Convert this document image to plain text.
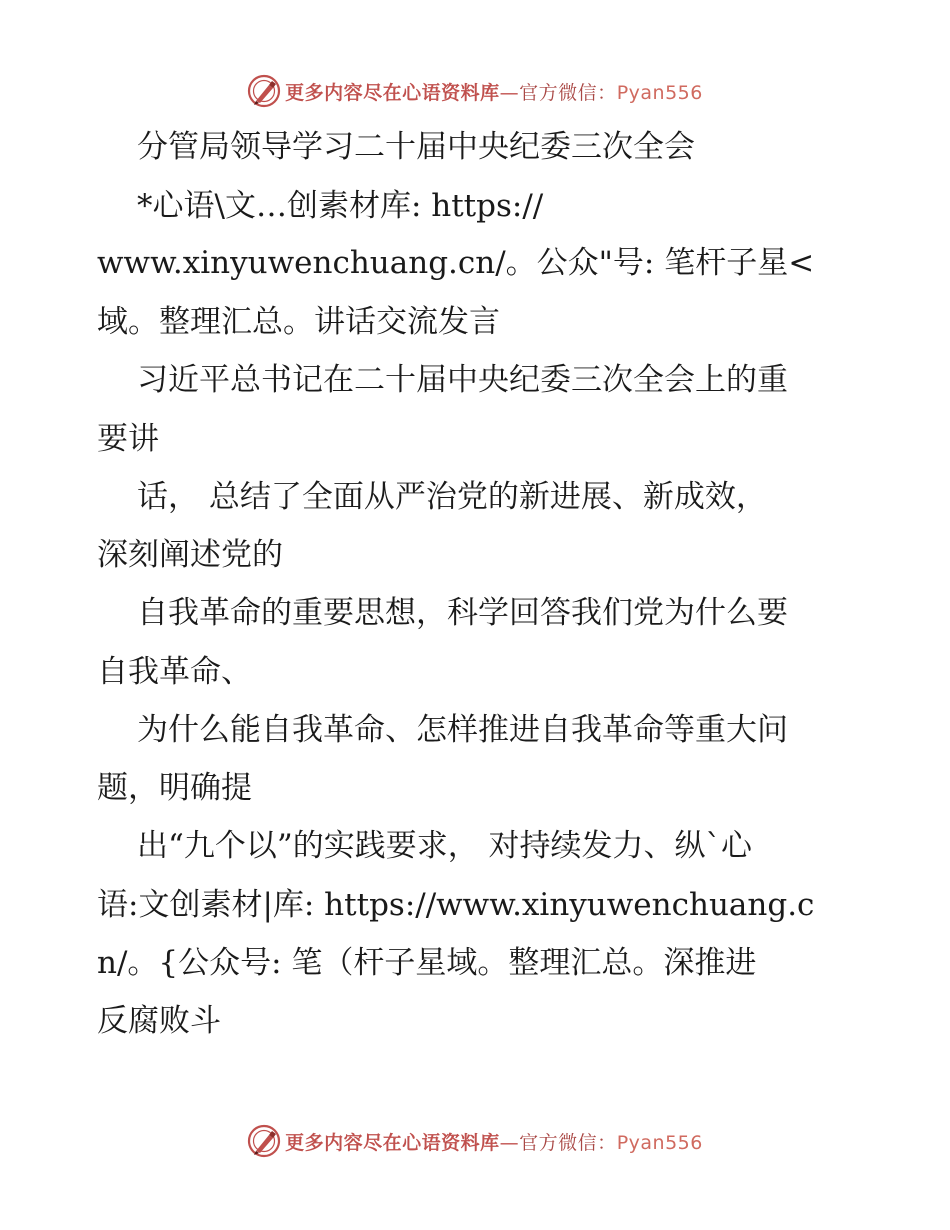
更多内容尽在心语资料库—官方微信：Pyan556
分管局领导学习二十届中央纪委三次全会
*心语\文…创素材库: https://
www.xinyuwenchuang.cn/。公众"号: 笔杆子星<
域。整理汇总。讲话交流发言
习近平总书记在二十届中央纪委三次全会上的重
要讲
话， 总结了全面从严治党的新进展、新成效，
深刻阐述党的
自我革命的重要思想，科学回答我们党为什么要
自我革命、
为什么能自我革命、怎样推进自我革命等重大问
题，明确提
出“九个以”的实践要求， 对持续发力、纵`心
语:文创素材|库: https://www.xinyuwenchuang.c
n/。{公众号: 笔（杆子星域。整理汇总。深推进
反腐败斗
更多内容尽在心语资料库—官方微信：Pyan556
